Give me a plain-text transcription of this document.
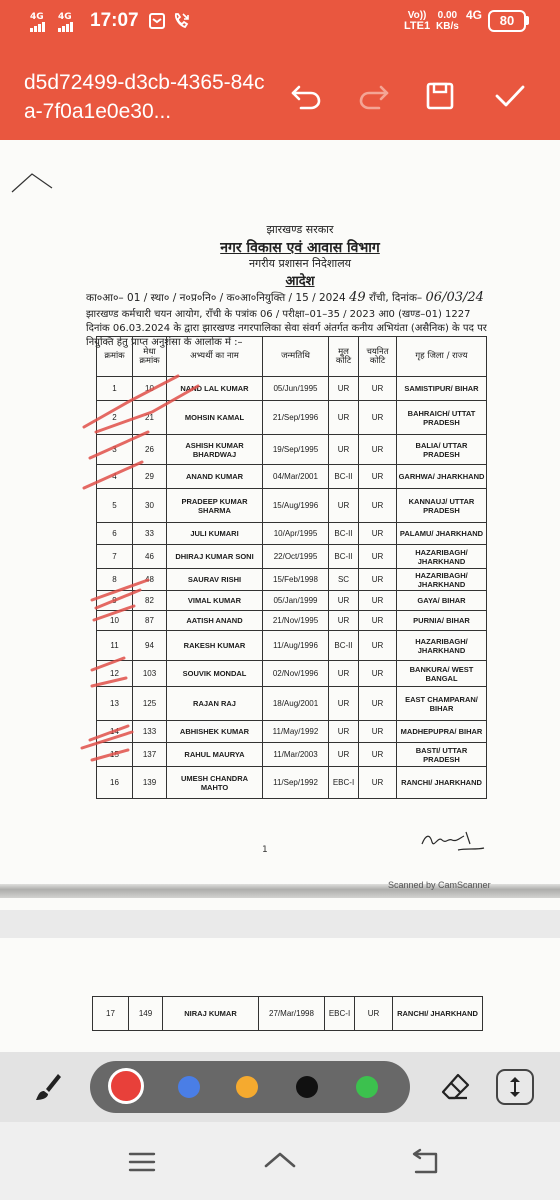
4G 4G 17:07	Vo))
LTE1
0.00
KB/s
4G	80
d5d72499-d3cb-4365-84ca-7f0a1e0e30...
झारखण्ड सरकार
नगर विकास एवं आवास विभाग
नगरीय प्रशासन निदेशालय
आदेश
का०आ०– 01 / स्था० / न०प्र०नि० / क०आ०नियुक्ति / 15 / 2024 49 राँची, दिनांक– 06/03/24
झारखण्ड कर्मचारी चयन आयोग, राँची के पत्रांक 06 / परीक्षा–01–35 / 2023 आ0 (खण्ड–01) 1227 दिनांक 06.03.2024 के द्वारा झारखण्ड नगरपालिका सेवा संवर्ग अंतर्गत कनीय अभियंता (असैनिक) के पद पर नियुक्ति हेतु प्राप्त अनुशंसा के आलोक में :–
क्रमांक	मेधा क्रमांक	अभ्यर्थी का नाम	जन्मतिथि	मूल कोटि	चयनित कोटि	गृह जिला / राज्य
1	10	NAND LAL KUMAR	05/Jun/1995	UR	UR	SAMISTIPUR/ BIHAR
2	21	MOHSIN KAMAL	21/Sep/1996	UR	UR	BAHRAICH/ UTTAT PRADESH
3	26	ASHISH KUMAR BHARDWAJ	19/Sep/1995	UR	UR	BALIA/ UTTAR PRADESH
4	29	ANAND KUMAR	04/Mar/2001	BC-II	UR	GARHWA/ JHARKHAND
5	30	PRADEEP KUMAR SHARMA	15/Aug/1996	UR	UR	KANNAUJ/ UTTAR PRADESH
6	33	JULI KUMARI	10/Apr/1995	BC-II	UR	PALAMU/ JHARKHAND
7	46	DHIRAJ KUMAR SONI	22/Oct/1995	BC-II	UR	HAZARIBAGH/ JHARKHAND
8	48	SAURAV RISHI	15/Feb/1998	SC	UR	HAZARIBAGH/ JHARKHAND
9	82	VIMAL KUMAR	05/Jan/1999	UR	UR	GAYA/ BIHAR
10	87	AATISH ANAND	21/Nov/1995	UR	UR	PURNIA/ BIHAR
11	94	RAKESH KUMAR	11/Aug/1996	BC-II	UR	HAZARIBAGH/ JHARKHAND
12	103	SOUVIK MONDAL	02/Nov/1996	UR	UR	BANKURA/ WEST BANGAL
13	125	RAJAN RAJ	18/Aug/2001	UR	UR	EAST CHAMPARAN/ BIHAR
14	133	ABHISHEK KUMAR	11/May/1992	UR	UR	MADHEPUPRA/ BIHAR
15	137	RAHUL MAURYA	11/Mar/2003	UR	UR	BASTI/ UTTAR PRADESH
16	139	UMESH CHANDRA MAHTO	11/Sep/1992	EBC-I	UR	RANCHI/ JHARKHAND
1
Scanned by CamScanner
17	149	NIRAJ KUMAR	27/Mar/1998	EBC-I	UR	RANCHI/ JHARKHAND
